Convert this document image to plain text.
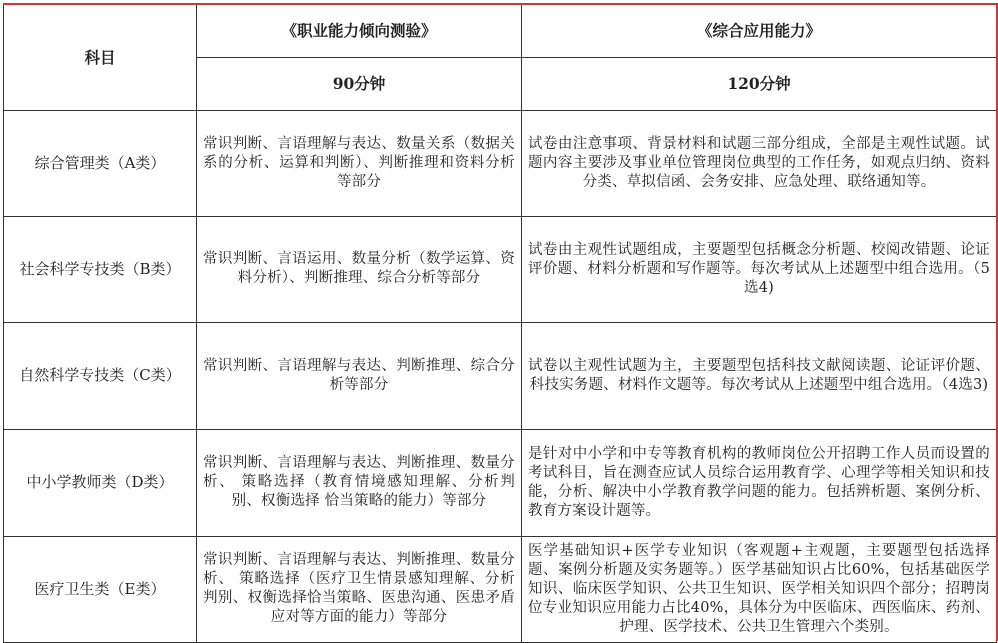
科目	《职业能力倾向测验》	《综合应用能力》
	90分钟	120分钟
综合管理类（A类）	常识判断、言语理解与表达、数量关系（数据关系的分析、运算和判断）、判断推理和资料分析等部分	试卷由注意事项、背景材料和试题三部分组成，全部是主观性试题。试题内容主要涉及事业单位管理岗位典型的工作任务，如观点归纳、资料分类、草拟信函、会务安排、应急处理、联络通知等。
社会科学专技类（B类）	常识判断、言语运用、数量分析（数学运算、资料分析）、判断推理、综合分析等部分	试卷由主观性试题组成，主要题型包括概念分析题、校阅改错题、论证评价题、材料分析题和写作题等。每次考试从上述题型中组合选用。（5选4)
自然科学专技类（C类）	常识判断、言语理解与表达、判断推理、综合分析等部分	试卷以主观性试题为主，主要题型包括科技文献阅读题、论证评价题、科技实务题、材料作文题等。每次考试从上述题型中组合选用。（4选3)
中小学教师类（D类）	常识判断、言语理解与表达、判断推理、数量分析、 策略选择（教育情境感知理解、分析判别、权衡选择 恰当策略的能力）等部分	是针对中小学和中专等教育机构的教师岗位公开招聘工作人员而设置的考试科目，旨在测查应试人员综合运用教育学、心理学等相关知识和技能，分析、解决中小学教育教学问题的能力。包括辨析题、案例分析、教育方案设计题等。
医疗卫生类（E类）	常识判断、言语理解与表达、判断推理、数量分析、 策略选择（医疗卫生情景感知理解、分析判别、权衡选择恰当策略、医患沟通、医患矛盾应对等方面的能力）等部分	医学基础知识+医学专业知识（客观题+主观题，主要题型包括选择题、案例分析题及实务题等。）医学基础知识占比60%，包括基础医学知识、临床医学知识、公共卫生知识、医学相关知识四个部分；招聘岗位专业知识应用能力占比40%，具体分为中医临床、西医临床、药剂、护理、医学技术、公共卫生管理六个类别。
